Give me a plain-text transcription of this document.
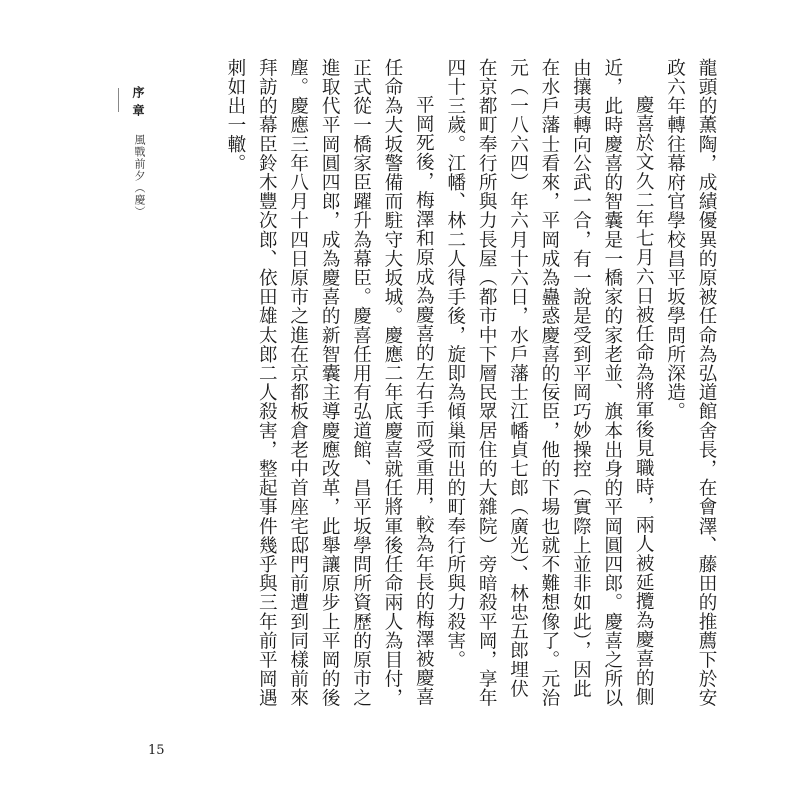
序章
風戰前夕（慶）	龍頭的薫陶，成績優異的原被任命為弘道館舍長，在會澤、藤田的推薦下於安政六年轉往幕府官學校昌平坂學問所深造。

慶喜於文久二年七月六日被任命為將軍後見職時，兩人被延攬為慶喜的側近，此時慶喜的智囊是一橋家的家老並、旗本出身的平岡圓四郎。慶喜之所以由攘夷轉向公武一合，有一說是受到平岡巧妙操控（實際上並非如此），因此在水戶藩士看來，平岡成為蠱惑慶喜的佞臣，他的下場也就不難想像了。元治元（一八六四）年六月十六日，水戶藩士江幡貞七郎（廣光）、林忠五郎埋伏在京都町奉行所與力長屋（都市中下層民眾居住的大雜院）旁暗殺平岡，享年四十三歲。江幡、林二人得手後，旋即為傾巢而出的町奉行所與力殺害。

平岡死後，梅澤和原成為慶喜的左右手而受重用，較為年長的梅澤被慶喜任命為大坂警備而駐守大坂城。慶應二年底慶喜就任將軍後任命兩人為目付，正式從一橋家臣躍升為幕臣。慶喜任用有弘道館、昌平坂學問所資歷的原市之進取代平岡圓四郎，成為慶喜的新智囊主導慶應改革，此舉讓原步上平岡的後塵。慶應三年八月十四日原市之進在京都板倉老中首座宅邸門前遭到同樣前來拜訪的幕臣鈴木豐次郎、依田雄太郎二人殺害，整起事件幾乎與三年前平岡遇刺如出一轍。

15
